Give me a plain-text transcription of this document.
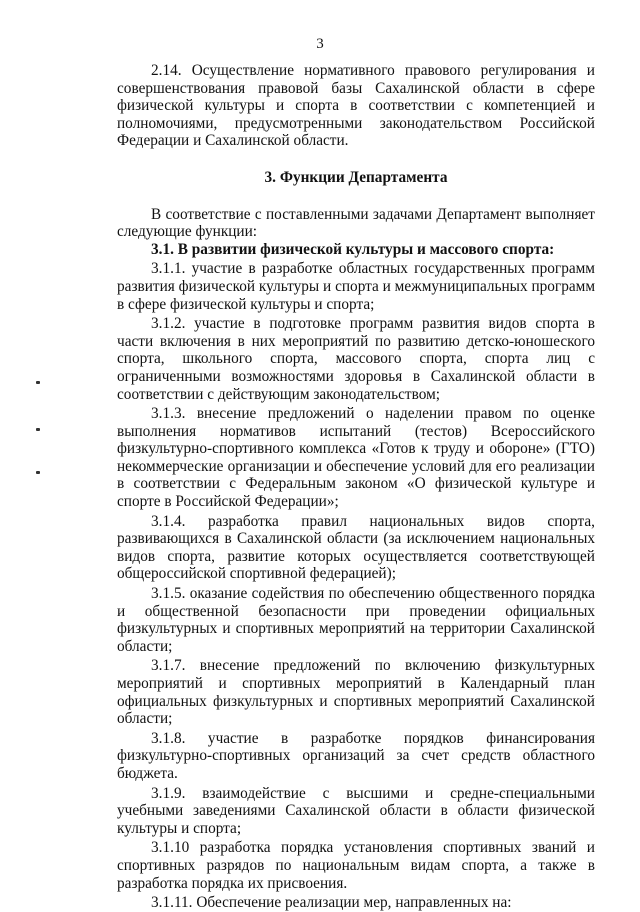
3

2.14. Осуществление нормативного правового регулирования и совершенствования правовой базы Сахалинской области в сфере физической культуры и спорта в соответствии с компетенцией и полномочиями, предусмотренными законодательством Российской Федерации и Сахалинской области.

3. Функции Департамента

В соответствие с поставленными задачами Департамент выполняет следующие функции:

3.1. В развитии физической культуры и массового спорта:

3.1.1. участие в разработке областных государственных программ развития физической культуры и спорта и межмуниципальных программ в сфере физической культуры и спорта;

3.1.2. участие в подготовке программ развития видов спорта в части включения в них мероприятий по развитию детско-юношеского спорта, школьного спорта, массового спорта, спорта лиц с ограниченными возможностями здоровья в Сахалинской области в соответствии с действующим законодательством;

3.1.3. внесение предложений о наделении правом по оценке выполнения нормативов испытаний (тестов) Всероссийского физкультурно-спортивного комплекса «Готов к труду и обороне» (ГТО) некоммерческие организации и обеспечение условий для его реализации в соответствии с Федеральным законом «О физической культуре и спорте в Российской Федерации»;

3.1.4. разработка правил национальных видов спорта, развивающихся в Сахалинской области (за исключением национальных видов спорта, развитие которых осуществляется соответствующей общероссийской спортивной федерацией);

3.1.5. оказание содействия по обеспечению общественного порядка и общественной безопасности при проведении официальных физкультурных и спортивных мероприятий на территории Сахалинской области;

3.1.7. внесение предложений по включению физкультурных мероприятий и спортивных мероприятий в Календарный план официальных физкультурных и спортивных мероприятий Сахалинской области;

3.1.8. участие в разработке порядков финансирования физкультурно-спортивных организаций за счет средств областного бюджета.

3.1.9. взаимодействие с высшими и средне-специальными учебными заведениями Сахалинской области в области физической культуры и спорта;

3.1.10 разработка порядка установления спортивных званий и спортивных разрядов по национальным видам спорта, а также в разработка порядка их присвоения.

3.1.11. Обеспечение реализации мер, направленных на:
